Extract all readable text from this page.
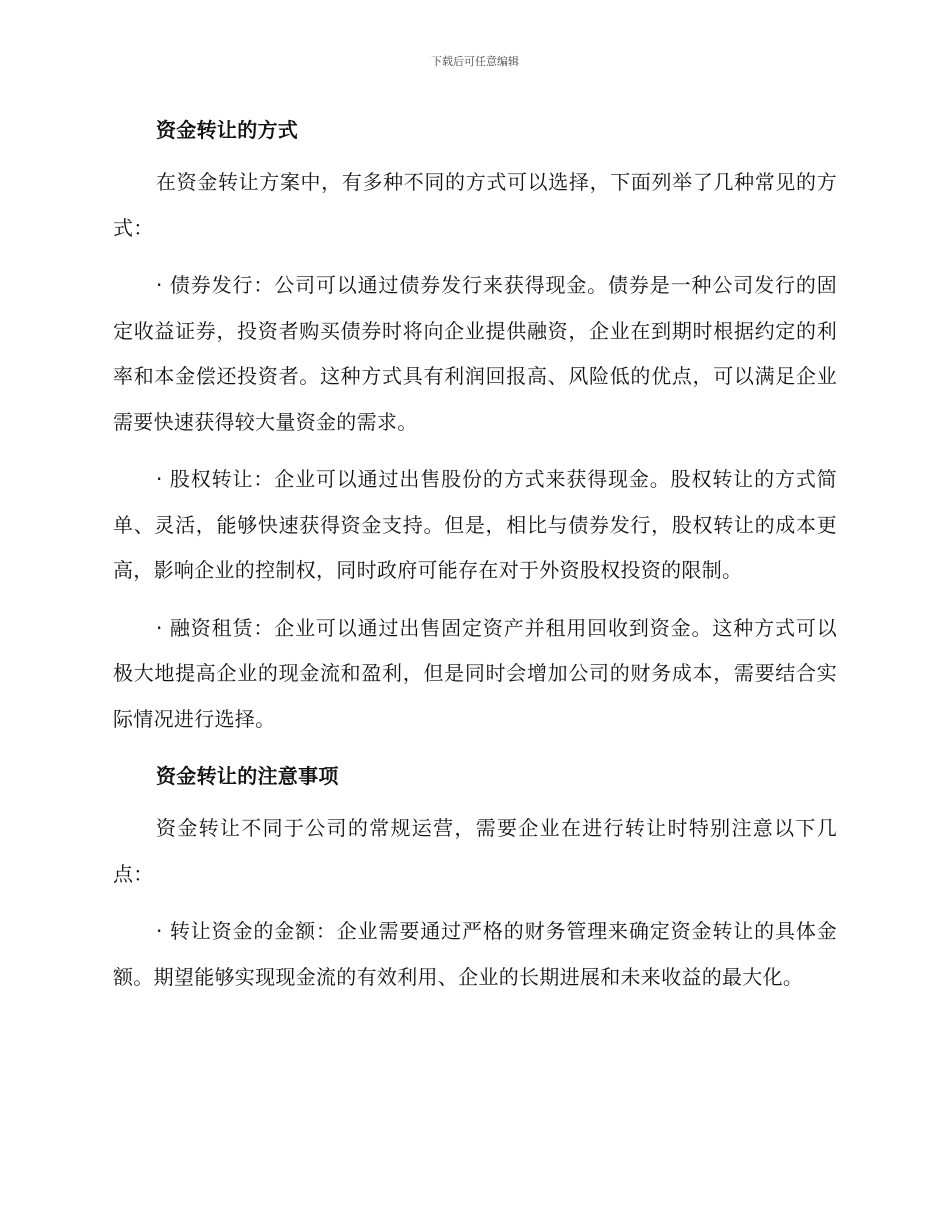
下载后可任意编辑
资金转让的方式

在资金转让方案中，有多种不同的方式可以选择，下面列举了几种常见的方式：

· 债券发行：公司可以通过债券发行来获得现金。债券是一种公司发行的固定收益证券，投资者购买债券时将向企业提供融资，企业在到期时根据约定的利率和本金偿还投资者。这种方式具有利润回报高、风险低的优点，可以满足企业需要快速获得较大量资金的需求。

· 股权转让：企业可以通过出售股份的方式来获得现金。股权转让的方式简单、灵活，能够快速获得资金支持。但是，相比与债券发行，股权转让的成本更高，影响企业的控制权，同时政府可能存在对于外资股权投资的限制。

· 融资租赁：企业可以通过出售固定资产并租用回收到资金。这种方式可以极大地提高企业的现金流和盈利，但是同时会增加公司的财务成本，需要结合实际情况进行选择。

资金转让的注意事项

资金转让不同于公司的常规运营，需要企业在进行转让时特别注意以下几点：

· 转让资金的金额：企业需要通过严格的财务管理来确定资金转让的具体金额。期望能够实现现金流的有效利用、企业的长期进展和未来收益的最大化。
